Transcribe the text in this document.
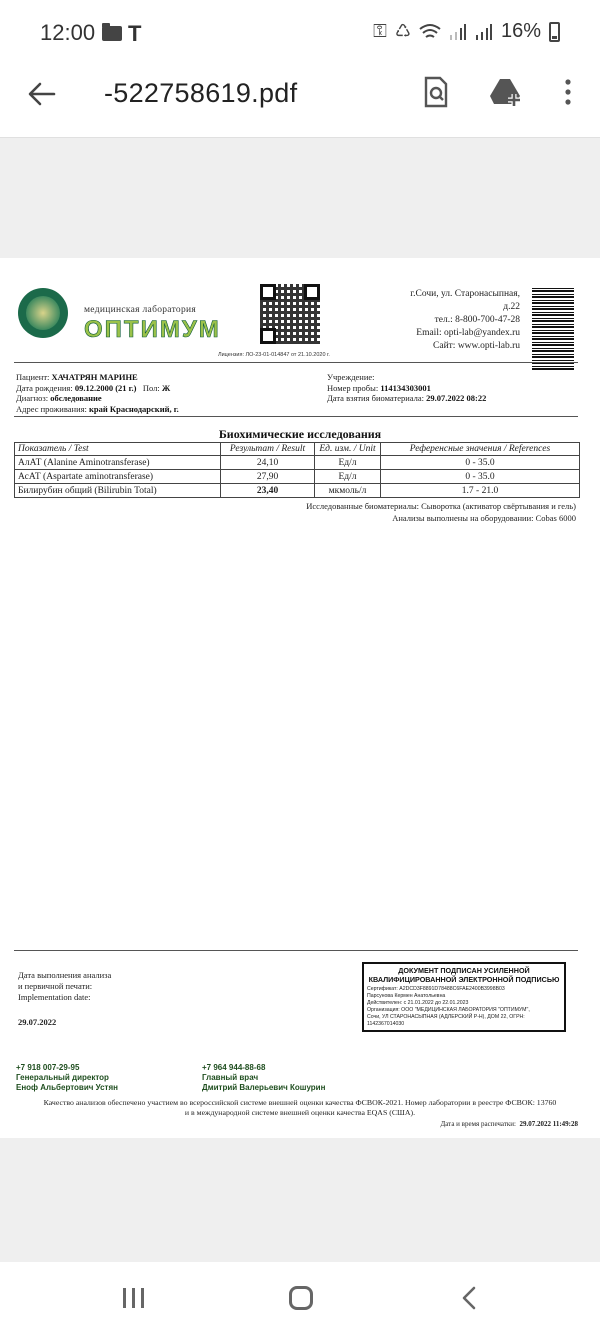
12:00 T	⚿ ♺	16%
-522758619.pdf
медицинская лаборатория
ОПТИМУМ
г.Сочи, ул. Старонасыпная,
д.22
тел.: 8-800-700-47-28
Email: opti-lab@yandex.ru
Сайт: www.opti-lab.ru
Лицензия: ЛО-23-01-014847 от 21.10.2020 г.
Пациент: ХАЧАТРЯН МАРИНЕ
Дата рождения: 09.12.2000 (21 г.) Пол: Ж
Диагноз: обследование
Адрес проживания: край Краснодарский, г.
Учреждение:
Номер пробы: 114134303001
Дата взятия биоматериала: 29.07.2022 08:22
Биохимические исследования
Показатель / Test	Результат / Result	Ед. изм. / Unit	Референсные значения / References
АлАТ (Alanine Aminotransferase)	24,10	Ед/л	0 - 35.0
АсАТ (Aspartate aminotransferase)	27,90	Ед/л	0 - 35.0
Билирубин общий (Bilirubin Total)	23,40	мкмоль/л	1.7 - 21.0
Исследованные биоматериалы: Сыворотка (активатор свёртывания и гель)
Анализы выполнены на оборудовании: Cobas 6000
Дата выполнения анализа
и первичной печати:
Implementation date:
29.07.2022
ДОКУМЕНТ ПОДПИСАН УСИЛЕННОЙ
КВАЛИФИЦИРОВАННОЙ ЭЛЕКТРОННОЙ ПОДПИСЬЮ
Сертификат: A2DCD3F8891D78488C6FAE2400B3998B03
Парсунова Кермен Анатольевна
Действителен: с 21.01.2022 до 22.01.2023
Организация: ООО "МЕДИЦИНСКАЯ ЛАБОРАТОРИЯ "ОПТИМУМ",
Сочи, УЛ СТАРОНАСЫПНАЯ (АДЛЕРСКИЙ Р-Н), ДОМ 22, ОГРН:
1142367014030
+7 918 007-29-95
Генеральный директор
Еноф Альбертович Устян
+7 964 944-88-68
Главный врач
Дмитрий Валерьевич Кошурин
Качество анализов обеспечено участием во всероссийской системе внешней оценки качества ФСВОК-2021. Номер лаборатории в реестре ФСВОК: 13760
и в международной системе внешней оценки качества EQAS (США).
Дата и время распечатки: 29.07.2022 11:49:28
